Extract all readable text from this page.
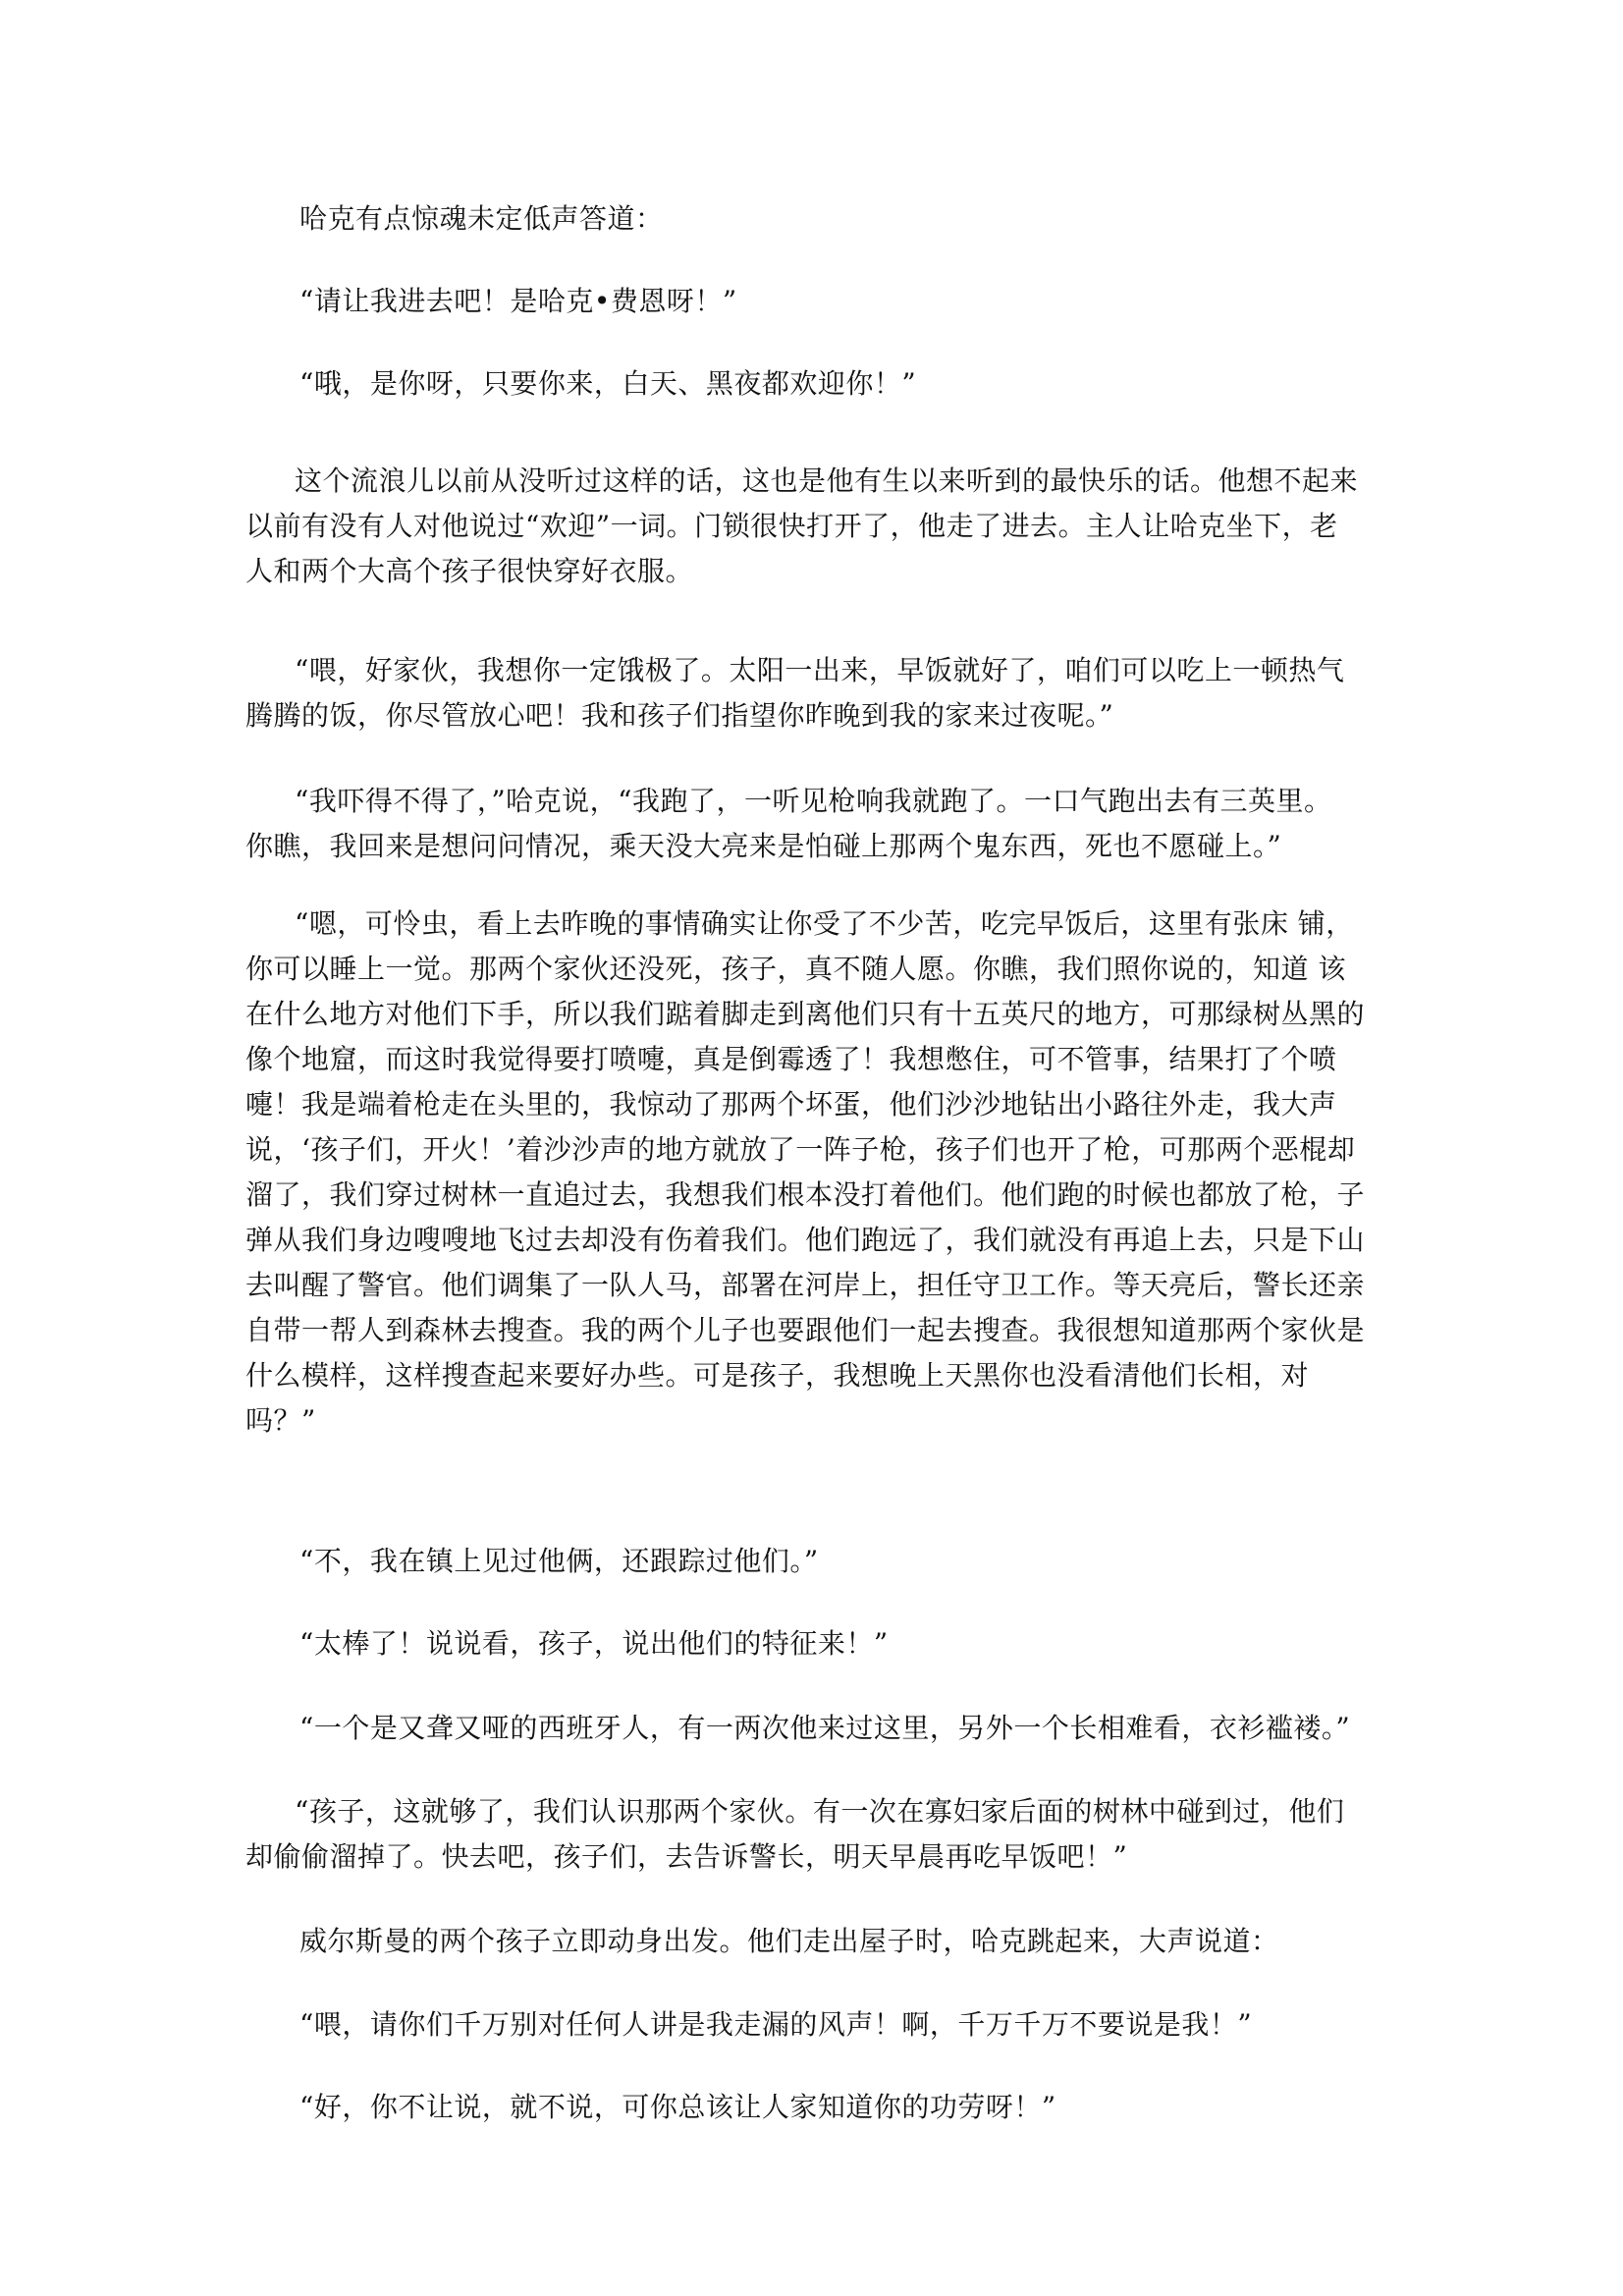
哈克有点惊魂未定低声答道：

“请让我进去吧！是哈克•费恩呀！”

“哦，是你呀，只要你来，白天、黑夜都欢迎你！”

这个流浪儿以前从没听过这样的话，这也是他有生以来听到的最快乐的话。他想不起来

以前有没有人对他说过“欢迎”一词。门锁很快打开了，他走了进去。主人让哈克坐下，老

人和两个大高个孩子很快穿好衣服。

“喂，好家伙，我想你一定饿极了。太阳一出来，早饭就好了，咱们可以吃上一顿热气

腾腾的饭，你尽管放心吧！我和孩子们指望你昨晚到我的家来过夜呢。”

“我吓得不得了，”哈克说，“我跑了，一听见枪响我就跑了。一口气跑出去有三英里。

你瞧，我回来是想问问情况，乘天没大亮来是怕碰上那两个鬼东西，死也不愿碰上。”

“嗯，可怜虫，看上去昨晚的事情确实让你受了不少苦，吃完早饭后，这里有张床 铺，

你可以睡上一觉。那两个家伙还没死，孩子，真不随人愿。你瞧，我们照你说的，知道 该

在什么地方对他们下手，所以我们踮着脚走到离他们只有十五英尺的地方，可那绿树丛黑的

像个地窟，而这时我觉得要打喷嚏，真是倒霉透了！我想憋住，可不管事，结果打了个喷

嚏！我是端着枪走在头里的，我惊动了那两个坏蛋，他们沙沙地钻出小路往外走，我大声

说，‘孩子们，开火！’着沙沙声的地方就放了一阵子枪，孩子们也开了枪，可那两个恶棍却

溜了，我们穿过树林一直追过去，我想我们根本没打着他们。他们跑的时候也都放了枪，子

弹从我们身边嗖嗖地飞过去却没有伤着我们。他们跑远了，我们就没有再追上去，只是下山

去叫醒了警官。他们调集了一队人马，部署在河岸上，担任守卫工作。等天亮后，警长还亲

自带一帮人到森林去搜查。我的两个儿子也要跟他们一起去搜查。我很想知道那两个家伙是

什么模样，这样搜查起来要好办些。可是孩子，我想晚上天黑你也没看清他们长相，对

吗？”

“不，我在镇上见过他俩，还跟踪过他们。”

“太棒了！说说看，孩子，说出他们的特征来！”

“一个是又聋又哑的西班牙人，有一两次他来过这里，另外一个长相难看，衣衫褴褛。”

“孩子，这就够了，我们认识那两个家伙。有一次在寡妇家后面的树林中碰到过，他们

却偷偷溜掉了。快去吧，孩子们，去告诉警长，明天早晨再吃早饭吧！”

威尔斯曼的两个孩子立即动身出发。他们走出屋子时，哈克跳起来，大声说道：

“喂，请你们千万别对任何人讲是我走漏的风声！啊，千万千万不要说是我！”

“好，你不让说，就不说，可你总该让人家知道你的功劳呀！”
